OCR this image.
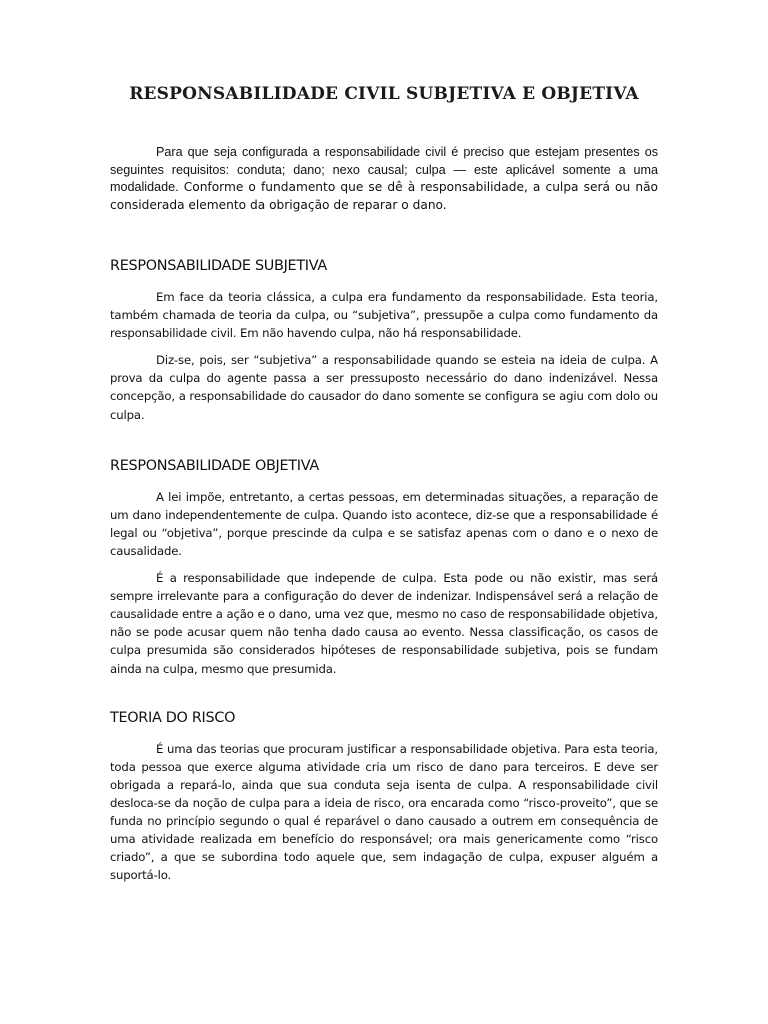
RESPONSABILIDADE CIVIL SUBJETIVA E OBJETIVA

Para que seja configurada a responsabilidade civil é preciso que estejam presentes os seguintes requisitos: conduta; dano; nexo causal; culpa — este aplicável somente a uma modalidade. Conforme o fundamento que se dê à responsabilidade, a culpa será ou não considerada elemento da obrigação de reparar o dano.

RESPONSABILIDADE SUBJETIVA

Em face da teoria clássica, a culpa era fundamento da responsabilidade. Esta teoria, também chamada de teoria da culpa, ou “subjetiva”, pressupõe a culpa como fundamento da responsabilidade civil. Em não havendo culpa, não há responsabilidade.

Diz-se, pois, ser “subjetiva” a responsabilidade quando se esteia na ideia de culpa. A prova da culpa do agente passa a ser pressuposto necessário do dano indenizável. Nessa concepção, a responsabilidade do causador do dano somente se configura se agiu com dolo ou culpa.

RESPONSABILIDADE OBJETIVA

A lei impõe, entretanto, a certas pessoas, em determinadas situações, a reparação de um dano independentemente de culpa. Quando isto acontece, diz-se que a responsabilidade é legal ou “objetiva”, porque prescinde da culpa e se satisfaz apenas com o dano e o nexo de causalidade.

É a responsabilidade que independe de culpa. Esta pode ou não existir, mas será sempre irrelevante para a configuração do dever de indenizar. Indispensável será a relação de causalidade entre a ação e o dano, uma vez que, mesmo no caso de responsabilidade objetiva, não se pode acusar quem não tenha dado causa ao evento. Nessa classificação, os casos de culpa presumida são considerados hipóteses de responsabilidade subjetiva, pois se fundam ainda na culpa, mesmo que presumida.

TEORIA DO RISCO

É uma das teorias que procuram justificar a responsabilidade objetiva. Para esta teoria, toda pessoa que exerce alguma atividade cria um risco de dano para terceiros. E deve ser obrigada a repará-lo, ainda que sua conduta seja isenta de culpa. A responsabilidade civil desloca-se da noção de culpa para a ideia de risco, ora encarada como “risco-proveito”, que se funda no princípio segundo o qual é reparável o dano causado a outrem em consequência de uma atividade realizada em benefício do responsável; ora mais genericamente como “risco criado”, a que se subordina todo aquele que, sem indagação de culpa, expuser alguém a suportá-lo.
